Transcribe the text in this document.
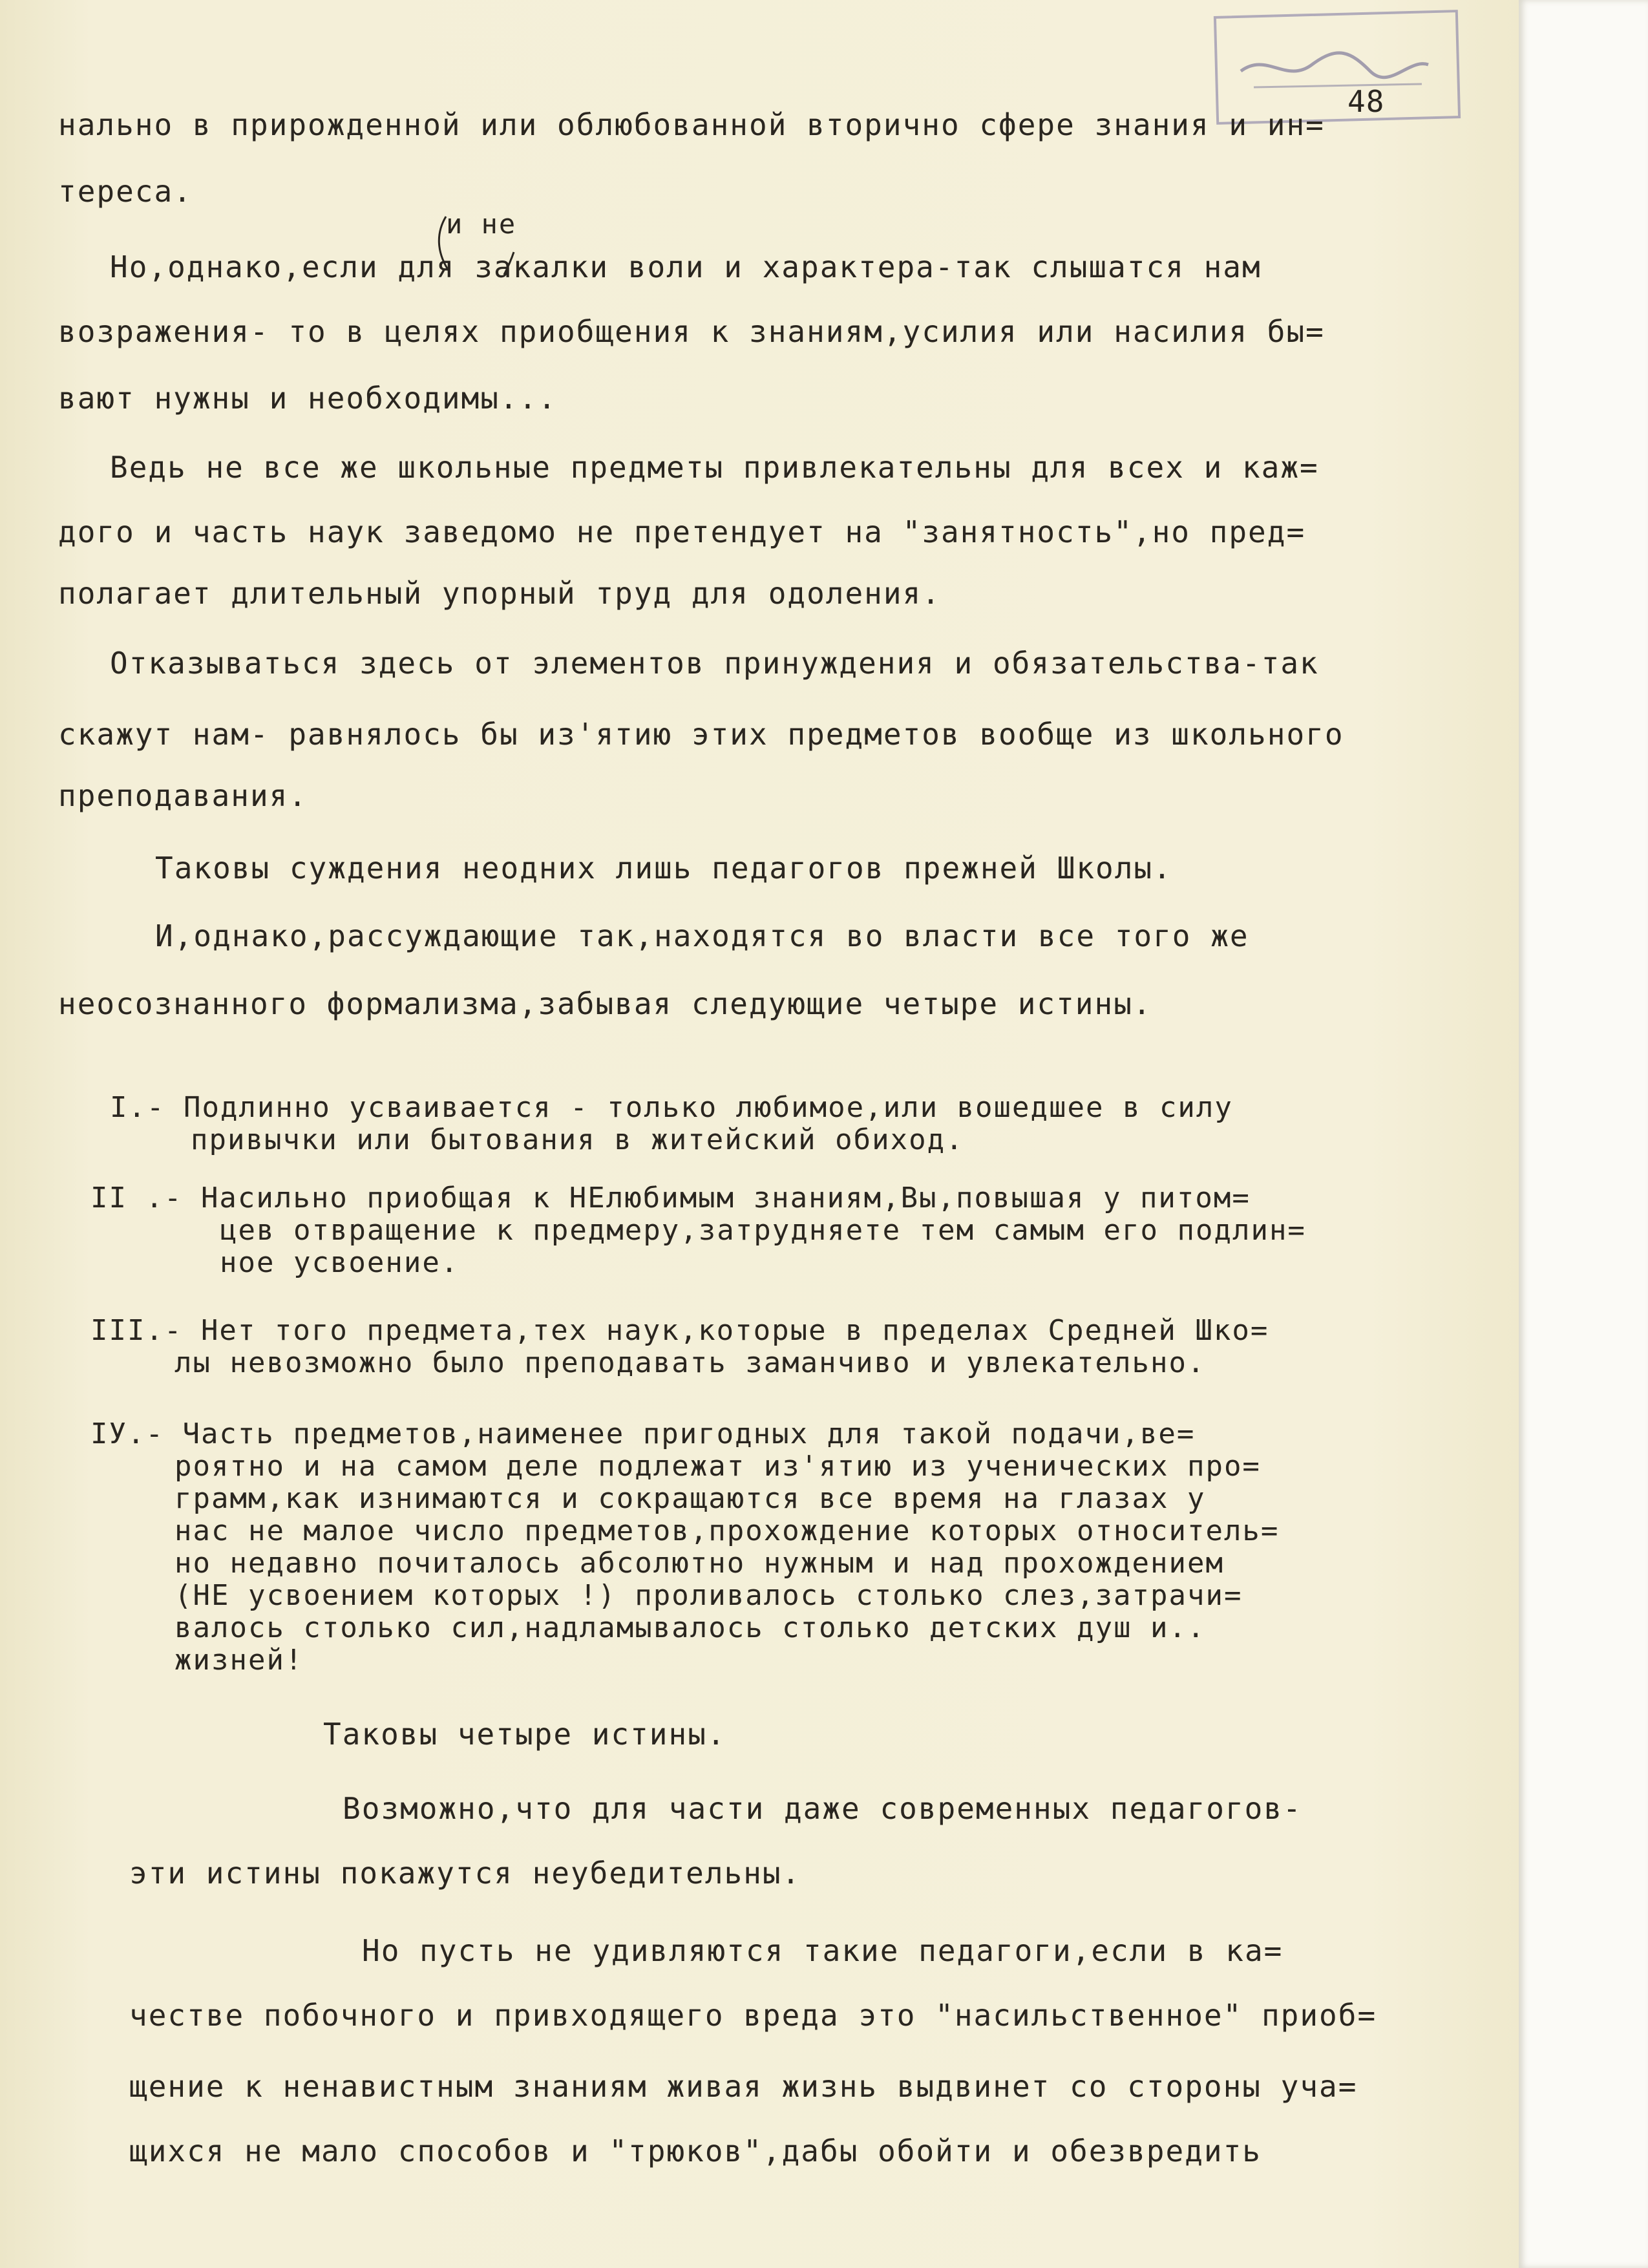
48
и не
нально в прирожденной или облюбованной вторично сфере знания и ин=
тереса.
Но,однако,если для закалки воли и характера-так слышатся нам
возражения- то в целях приобщения к знаниям,усилия или насилия бы=
вают нужны и необходимы...
Ведь не все же школьные предметы привлекательны для всех и каж=
дого и часть наук заведомо не претендует на "занятность",но пред=
полагает длительный упорный труд для одоления.
Отказываться здесь от элементов принуждения и обязательства-так
скажут нам- равнялось бы из'ятию этих предметов вообще из школьного
преподавания.
Таковы суждения неодних лишь педагогов прежней Школы.
И,однако,рассуждающие так,находятся во власти все того же
неосознанного формализма,забывая следующие четыре истины.
I.- Подлинно усваивается - только любимое,или вошедшее в силу
привычки или бытования в житейский обиход.
II .- Насильно приобщая к НЕлюбимым знаниям,Вы,повышая у питом=
цев отвращение к предмеру,затрудняете тем самым его подлин=
ное усвоение.
III.- Нет того предмета,тех наук,которые в пределах Средней Шко=
лы невозможно было преподавать заманчиво и увлекательно.
IУ.- Часть предметов,наименее пригодных для такой подачи,ве=
роятно и на самом деле подлежат из'ятию из ученических про=
грамм,как изнимаются и сокращаются все время на глазах у
нас не малое число предметов,прохождение которых относитель=
но недавно почиталось абсолютно нужным и над прохождением
(НЕ усвоением которых !) проливалось столько слез,затрачи=
валось столько сил,надламывалось столько детских душ и..
жизней!
Таковы четыре истины.
Возможно,что для части даже современных педагогов-
эти истины покажутся неубедительны.
Но пусть не удивляются такие педагоги,если в ка=
честве побочного и привходящего вреда это "насильственное" приоб=
щение к ненавистным знаниям живая жизнь выдвинет со стороны уча=
щихся не мало способов и "трюков",дабы обойти и обезвредить
